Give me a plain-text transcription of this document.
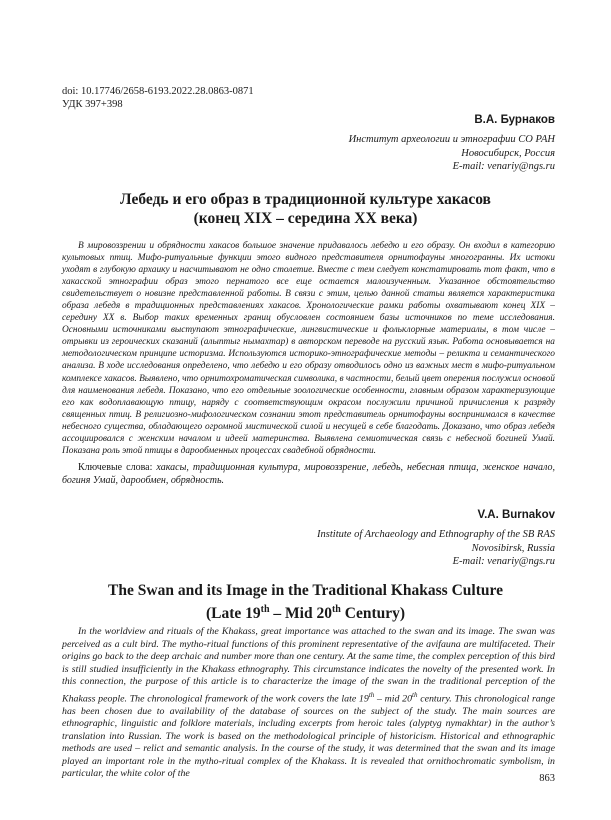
doi: 10.17746/2658-6193.2022.28.0863-0871
УДК 397+398
В.А. Бурнаков
Институт археологии и этнографии СО РАН
Новосибирск, Россия
E-mail: venariy@ngs.ru
Лебедь и его образ в традиционной культуре хакасов
(конец XIX – середина XX века)

В мировоззрении и обрядности хакасов большое значение придавалось лебедю и его образу. Он входил в категорию культовых птиц. Мифо-ритуальные функции этого видного представителя орнитофауны многогранны. Их истоки уходят в глубокую архаику и насчитывают не одно столетие. Вместе с тем следует констатировать тот факт, что в хакасской этнографии образ этого пернатого все еще остается малоизученным. Указанное обстоятельство свидетельствует о новизне представленной работы. В связи с этим, целью данной статьи является характеристика образа лебедя в традиционных представлениях хакасов. Хронологические рамки работы охватывают конец XIX – середину XX в. Выбор таких временных границ обусловлен состоянием базы источников по теме исследования. Основными источниками выступают этнографические, лингвистические и фольклорные материалы, в том числе – отрывки из героических сказаний (алыптыг нымахтар) в авторском переводе на русский язык. Работа основывается на методологическом принципе историзма. Используются историко-этнографические методы – реликта и семантического анализа. В ходе исследования определено, что лебедю и его образу отводилось одно из важных мест в мифо-ритуальном комплексе хакасов. Выявлено, что орнитохроматическая символика, в частности, белый цвет оперения послужил основой для наименования лебедя. Показано, что его отдельные зоологические особенности, главным образом характеризующие его как водоплавающую птицу, наряду с соответствующим окрасом послужили причиной причисления к разряду священных птиц. В религиозно-мифологическом сознании этот представитель орнитофауны воспринимался в качестве небесного существа, обладающего огромной мистической силой и несущей в себе благодать. Доказано, что образ лебедя ассоциировался с женским началом и идеей материнства. Выявлена семиотическая связь с небесной богиней Умай. Показана роль этой птицы в дарообменных процессах свадебной обрядности.

Ключевые слова: хакасы, традиционная культура, мировоззрение, лебедь, небесная птица, женское начало, богиня Умай, дарообмен, обрядность.
V.A. Burnakov
Institute of Archaeology and Ethnography of the SB RAS
Novosibirsk, Russia
E-mail: venariy@ngs.ru
The Swan and its Image in the Traditional Khakass Culture
(Late 19th – Mid 20th Century)

In the worldview and rituals of the Khakass, great importance was attached to the swan and its image. The swan was perceived as a cult bird. The mytho-ritual functions of this prominent representative of the avifauna are multifaceted. Their origins go back to the deep archaic and number more than one century. At the same time, the complex perception of this bird is still studied insufficiently in the Khakass ethnography. This circumstance indicates the novelty of the presented work. In this connection, the purpose of this article is to characterize the image of the swan in the traditional perception of the Khakass people. The chronological framework of the work covers the late 19th – mid 20th century. This chronological range has been chosen due to availability of the database of sources on the subject of the study. The main sources are ethnographic, linguistic and folklore materials, including excerpts from heroic tales (alyptyg nymakhtar) in the author’s translation into Russian. The work is based on the methodological principle of historicism. Historical and ethnographic methods are used – relict and semantic analysis. In the course of the study, it was determined that the swan and its image played an important role in the mytho-ritual complex of the Khakass. It is revealed that ornithochromatic symbolism, in particular, the white color of the	863
